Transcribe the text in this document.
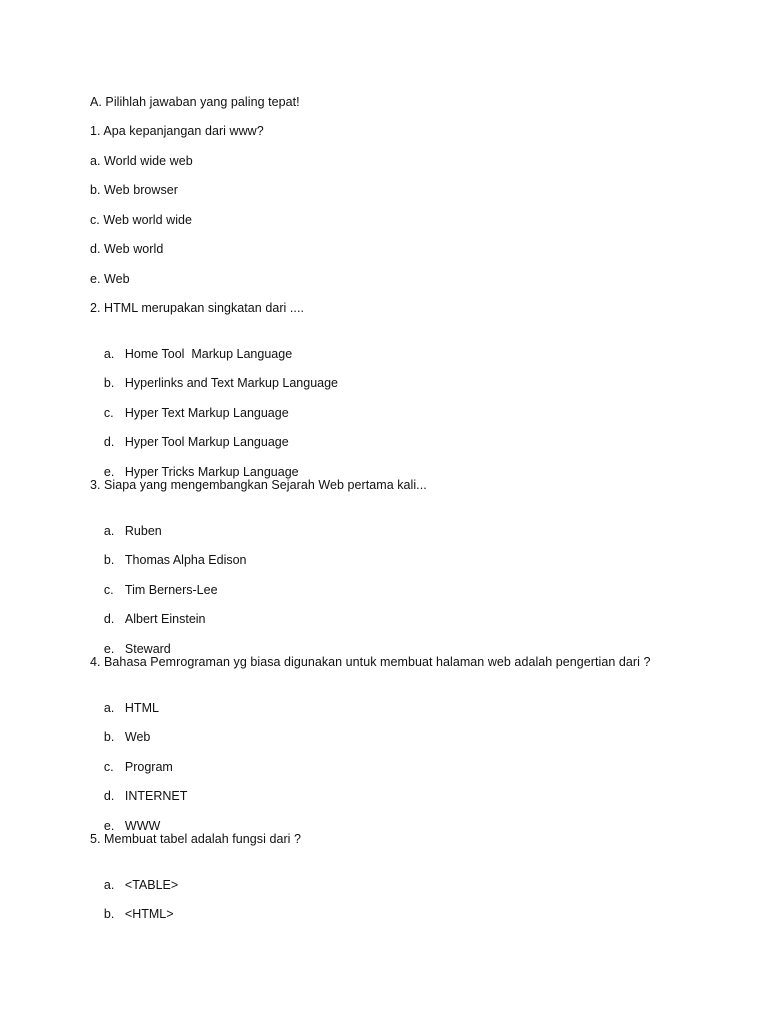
A. Pilihlah jawaban yang paling tepat!
1. Apa kepanjangan dari www?
a. World wide web
b. Web browser
c. Web world wide
d. Web world
e. Web
2. HTML merupakan singkatan dari ....

a. Home Tool  Markup Language

b. Hyperlinks and Text Markup Language

c. Hyper Text Markup Language

d. Hyper Tool Markup Language

e. Hyper Tricks Markup Language

3. Siapa yang mengembangkan Sejarah Web pertama kali...

a. Ruben

b. Thomas Alpha Edison

c. Tim Berners-Lee

d. Albert Einstein

e. Steward

4. Bahasa Pemrograman yg biasa digunakan untuk membuat halaman web adalah pengertian dari ?

a. HTML

b. Web

c. Program

d. INTERNET

e. WWW

5. Membuat tabel adalah fungsi dari ?

a. <TABLE>

b. <HTML>
